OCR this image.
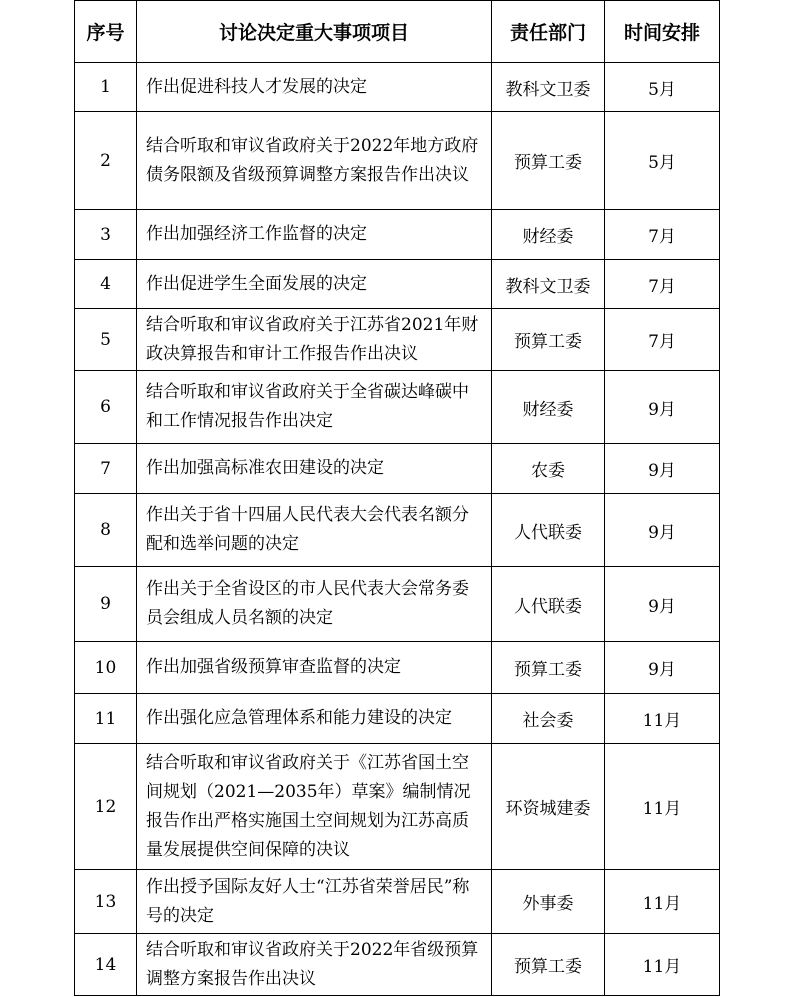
序号	讨论决定重大事项项目	责任部门	时间安排
1	作出促进科技人才发展的决定	教科文卫委	5月
2	结合听取和审议省政府关于2022年地方政府债务限额及省级预算调整方案报告作出决议	预算工委	5月
3	作出加强经济工作监督的决定	财经委	7月
4	作出促进学生全面发展的决定	教科文卫委	7月
5	结合听取和审议省政府关于江苏省2021年财政决算报告和审计工作报告作出决议	预算工委	7月
6	结合听取和审议省政府关于全省碳达峰碳中和工作情况报告作出决定	财经委	9月
7	作出加强高标准农田建设的决定	农委	9月
8	作出关于省十四届人民代表大会代表名额分配和选举问题的决定	人代联委	9月
9	作出关于全省设区的市人民代表大会常务委员会组成人员名额的决定	人代联委	9月
10	作出加强省级预算审查监督的决定	预算工委	9月
11	作出强化应急管理体系和能力建设的决定	社会委	11月
12	结合听取和审议省政府关于《江苏省国土空间规划（2021—2035年）草案》编制情况报告作出严格实施国土空间规划为江苏高质量发展提供空间保障的决议	环资城建委	11月
13	作出授予国际友好人士“江苏省荣誉居民”称号的决定	外事委	11月
14	结合听取和审议省政府关于2022年省级预算调整方案报告作出决议	预算工委	11月
